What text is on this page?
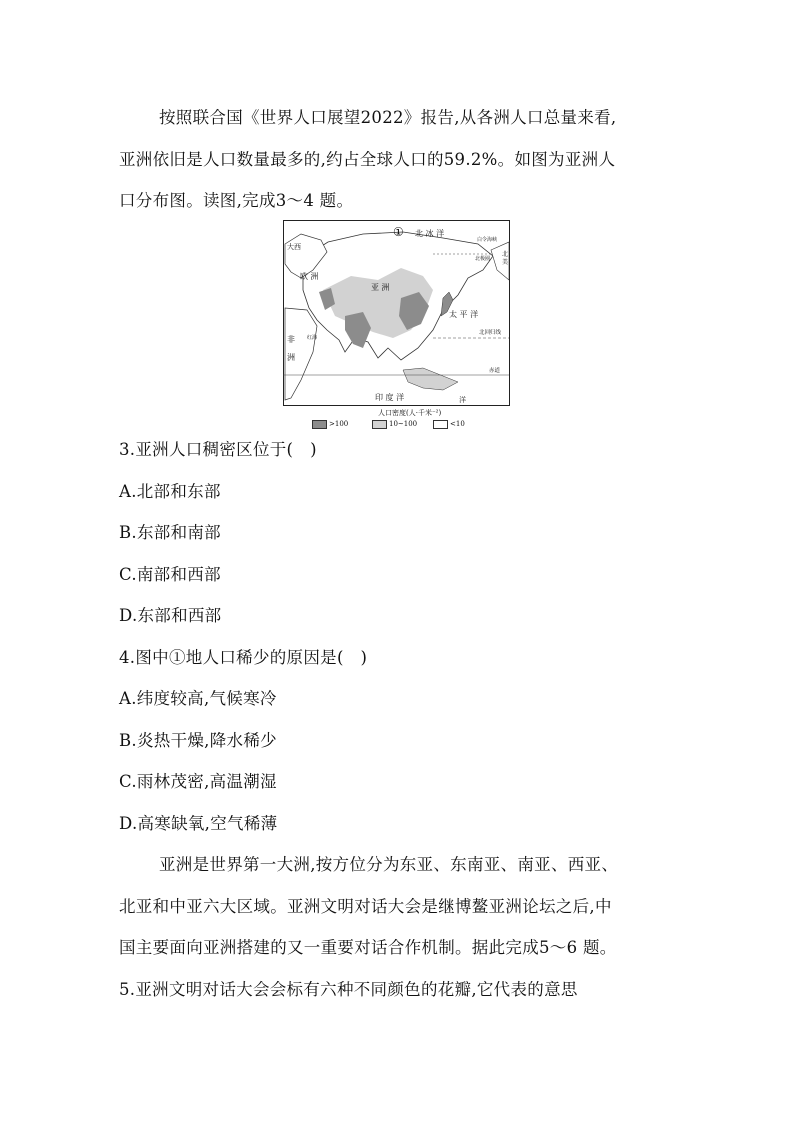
按照联合国《世界人口展望2022》报告,从各洲人口总量来看,
亚洲依旧是人口数量最多的,约占全球人口的59.2%。如图为亚洲人
口分布图。读图,完成3～4 题。
北 冰 洋
①
大西
欧 洲
亚 洲
太 平 洋
非
洲
北回归线
赤道
印 度 洋	洋
白令海峡
北极圈
北
美
红海
人口密度(人·千米⁻²)
>100	10~100	<10
3.亚洲人口稠密区位于(　)
A.北部和东部
B.东部和南部
C.南部和西部
D.东部和西部
4.图中①地人口稀少的原因是(　)
A.纬度较高,气候寒冷
B.炎热干燥,降水稀少
C.雨林茂密,高温潮湿
D.高寒缺氧,空气稀薄
亚洲是世界第一大洲,按方位分为东亚、东南亚、南亚、西亚、
北亚和中亚六大区域。亚洲文明对话大会是继博鳌亚洲论坛之后,中
国主要面向亚洲搭建的又一重要对话合作机制。据此完成5～6 题。
5.亚洲文明对话大会会标有六种不同颜色的花瓣,它代表的意思
